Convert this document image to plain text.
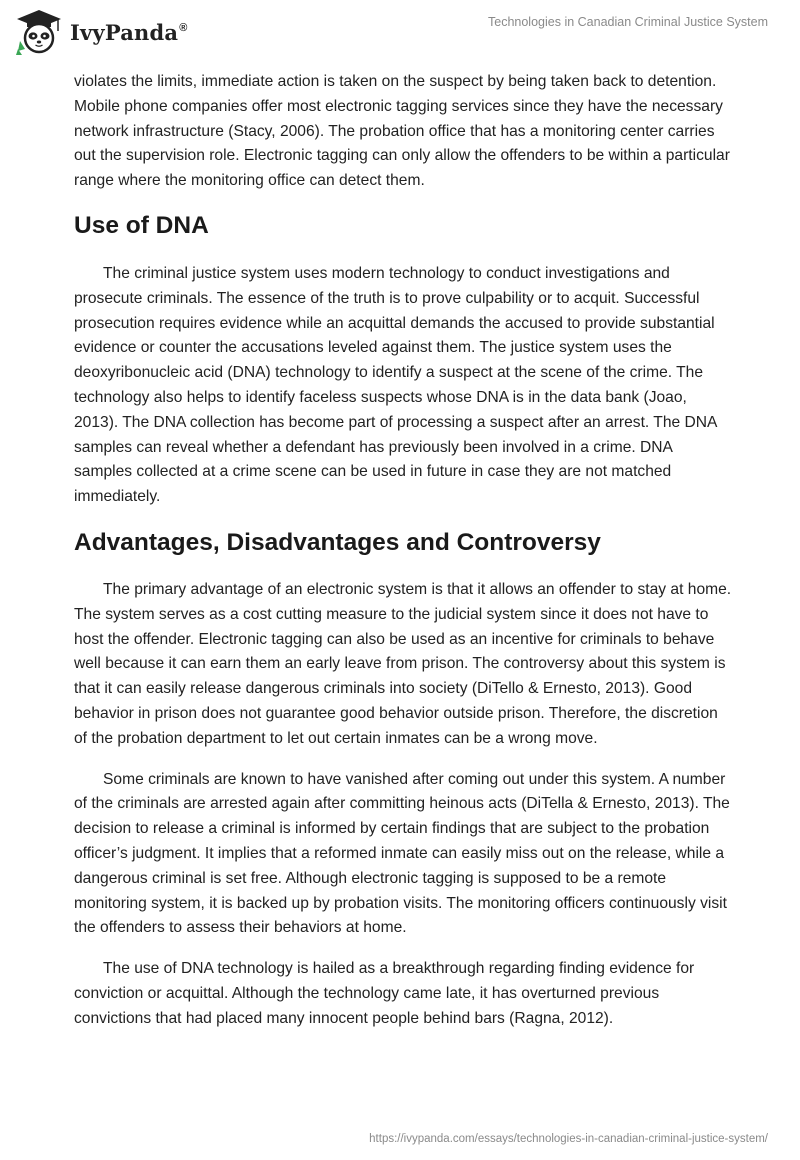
IvyPanda®	Technologies in Canadian Criminal Justice System

violates the limits, immediate action is taken on the suspect by being taken back to detention. Mobile phone companies offer most electronic tagging services since they have the necessary network infrastructure (Stacy, 2006). The probation office that has a monitoring center carries out the supervision role. Electronic tagging can only allow the offenders to be within a particular range where the monitoring office can detect them.

Use of DNA

The criminal justice system uses modern technology to conduct investigations and prosecute criminals. The essence of the truth is to prove culpability or to acquit. Successful prosecution requires evidence while an acquittal demands the accused to provide substantial evidence or counter the accusations leveled against them. The justice system uses the deoxyribonucleic acid (DNA) technology to identify a suspect at the scene of the crime. The technology also helps to identify faceless suspects whose DNA is in the data bank (Joao, 2013). The DNA collection has become part of processing a suspect after an arrest. The DNA samples can reveal whether a defendant has previously been involved in a crime. DNA samples collected at a crime scene can be used in future in case they are not matched immediately.

Advantages, Disadvantages and Controversy

The primary advantage of an electronic system is that it allows an offender to stay at home. The system serves as a cost cutting measure to the judicial system since it does not have to host the offender. Electronic tagging can also be used as an incentive for criminals to behave well because it can earn them an early leave from prison. The controversy about this system is that it can easily release dangerous criminals into society (DiTello & Ernesto, 2013). Good behavior in prison does not guarantee good behavior outside prison. Therefore, the discretion of the probation department to let out certain inmates can be a wrong move.

Some criminals are known to have vanished after coming out under this system. A number of the criminals are arrested again after committing heinous acts (DiTella & Ernesto, 2013). The decision to release a criminal is informed by certain findings that are subject to the probation officer’s judgment. It implies that a reformed inmate can easily miss out on the release, while a dangerous criminal is set free. Although electronic tagging is supposed to be a remote monitoring system, it is backed up by probation visits. The monitoring officers continuously visit the offenders to assess their behaviors at home.

The use of DNA technology is hailed as a breakthrough regarding finding evidence for conviction or acquittal. Although the technology came late, it has overturned previous convictions that had placed many innocent people behind bars (Ragna, 2012).

https://ivypanda.com/essays/technologies-in-canadian-criminal-justice-system/
